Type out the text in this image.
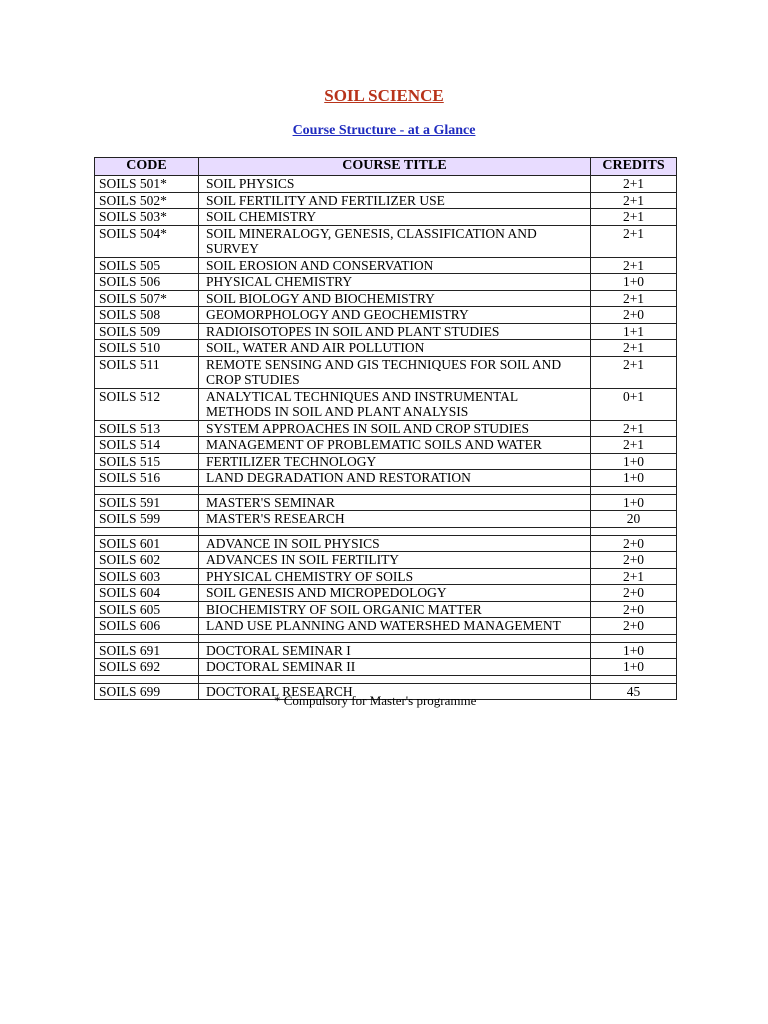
SOIL SCIENCE
Course Structure - at a Glance
CODE	COURSE TITLE	CREDITS
SOILS 501*	SOIL PHYSICS	2+1
SOILS 502*	SOIL FERTILITY AND FERTILIZER USE	2+1
SOILS 503*	SOIL CHEMISTRY	2+1
SOILS 504*	SOIL MINERALOGY, GENESIS, CLASSIFICATION AND SURVEY	2+1
SOILS 505	SOIL EROSION AND CONSERVATION	2+1
SOILS 506	PHYSICAL CHEMISTRY	1+0
SOILS 507*	SOIL BIOLOGY AND BIOCHEMISTRY	2+1
SOILS 508	GEOMORPHOLOGY AND GEOCHEMISTRY	2+0
SOILS 509	RADIOISOTOPES IN SOIL AND PLANT STUDIES	1+1
SOILS 510	SOIL, WATER AND AIR POLLUTION	2+1
SOILS 511	REMOTE SENSING AND GIS TECHNIQUES FOR SOIL AND CROP STUDIES	2+1
SOILS 512	ANALYTICAL TECHNIQUES AND INSTRUMENTAL METHODS IN SOIL AND PLANT ANALYSIS	0+1
SOILS 513	SYSTEM APPROACHES IN SOIL AND CROP STUDIES	2+1
SOILS 514	MANAGEMENT OF PROBLEMATIC SOILS AND WATER	2+1
SOILS 515	FERTILIZER TECHNOLOGY	1+0
SOILS 516	LAND DEGRADATION AND RESTORATION	1+0

SOILS 591	MASTER'S SEMINAR	1+0
SOILS 599	MASTER'S RESEARCH	20

SOILS 601	ADVANCE IN SOIL PHYSICS	2+0
SOILS 602	ADVANCES IN SOIL FERTILITY	2+0
SOILS 603	PHYSICAL CHEMISTRY OF SOILS	2+1
SOILS 604	SOIL GENESIS AND MICROPEDOLOGY	2+0
SOILS 605	BIOCHEMISTRY OF SOIL ORGANIC MATTER	2+0
SOILS 606	LAND USE PLANNING AND WATERSHED MANAGEMENT	2+0

SOILS 691	DOCTORAL SEMINAR I	1+0
SOILS 692	DOCTORAL SEMINAR II	1+0

SOILS 699	DOCTORAL RESEARCH	45
* Compulsory for Master's programme
